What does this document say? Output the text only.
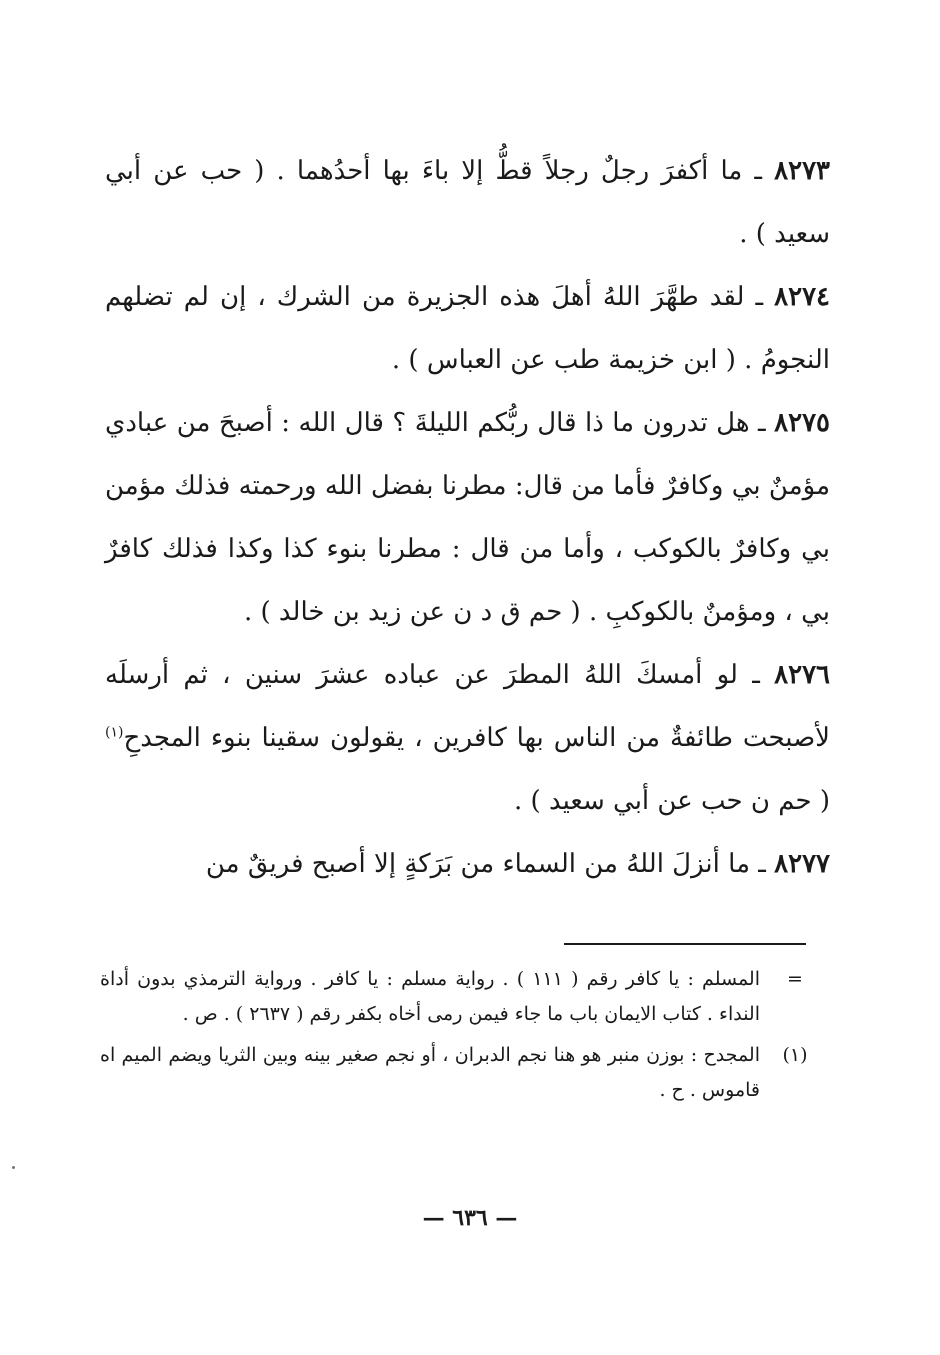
٨٢٧٣ ـ ما أكفرَ رجلٌ رجلاً قطُّ إلا باءَ بها أحدُهما . ( حب عن أبي سعيد ) .

٨٢٧٤ ـ لقد طهَّرَ اللهُ أهلَ هذه الجزيرة من الشرك ، إن لم تضلهم النجومُ . ( ابن خزيمة طب عن العباس ) .

٨٢٧٥ ـ هل تدرون ما ذا قال ربُّكم الليلةَ ؟ قال الله : أصبحَ من عبادي مؤمنٌ بي وكافرٌ فأما من قال: مطرنا بفضل الله ورحمته فذلك مؤمن بي وكافرٌ بالكوكب ، وأما من قال : مطرنا بنوء كذا وكذا فذلك كافرٌ بي ، ومؤمنٌ بالكوكبِ . ( حم ق د ن عن زيد بن خالد ) .

٨٢٧٦ ـ لو أمسكَ اللهُ المطرَ عن عباده عشرَ سنين ، ثم أرسلَه لأصبحت طائفةٌ من الناس بها كافرين ، يقولون سقينا بنوء المجدحِ$^{(١)}$ ( حم ن حب عن أبي سعيد ) .

٨٢٧٧ ـ ما أنزلَ اللهُ من السماء من بَرَكةٍ إلا أصبح فريقٌ من

=
المسلم : يا كافر رقم ( ١١١ ) . رواية مسلم : يا كافر . ورواية الترمذي بدون أداة النداء . كتاب الايمان باب ما جاء فيمن رمى أخاه بكفر رقم ( ٢٦٣٧ ) . ص .
(١)
المجدح : بوزن منبر هو هنا نجم الدبران ، أو نجم صغير بينه وبين الثريا ويضم الميم اه قاموس . ح .
— ٦٣٦ —
